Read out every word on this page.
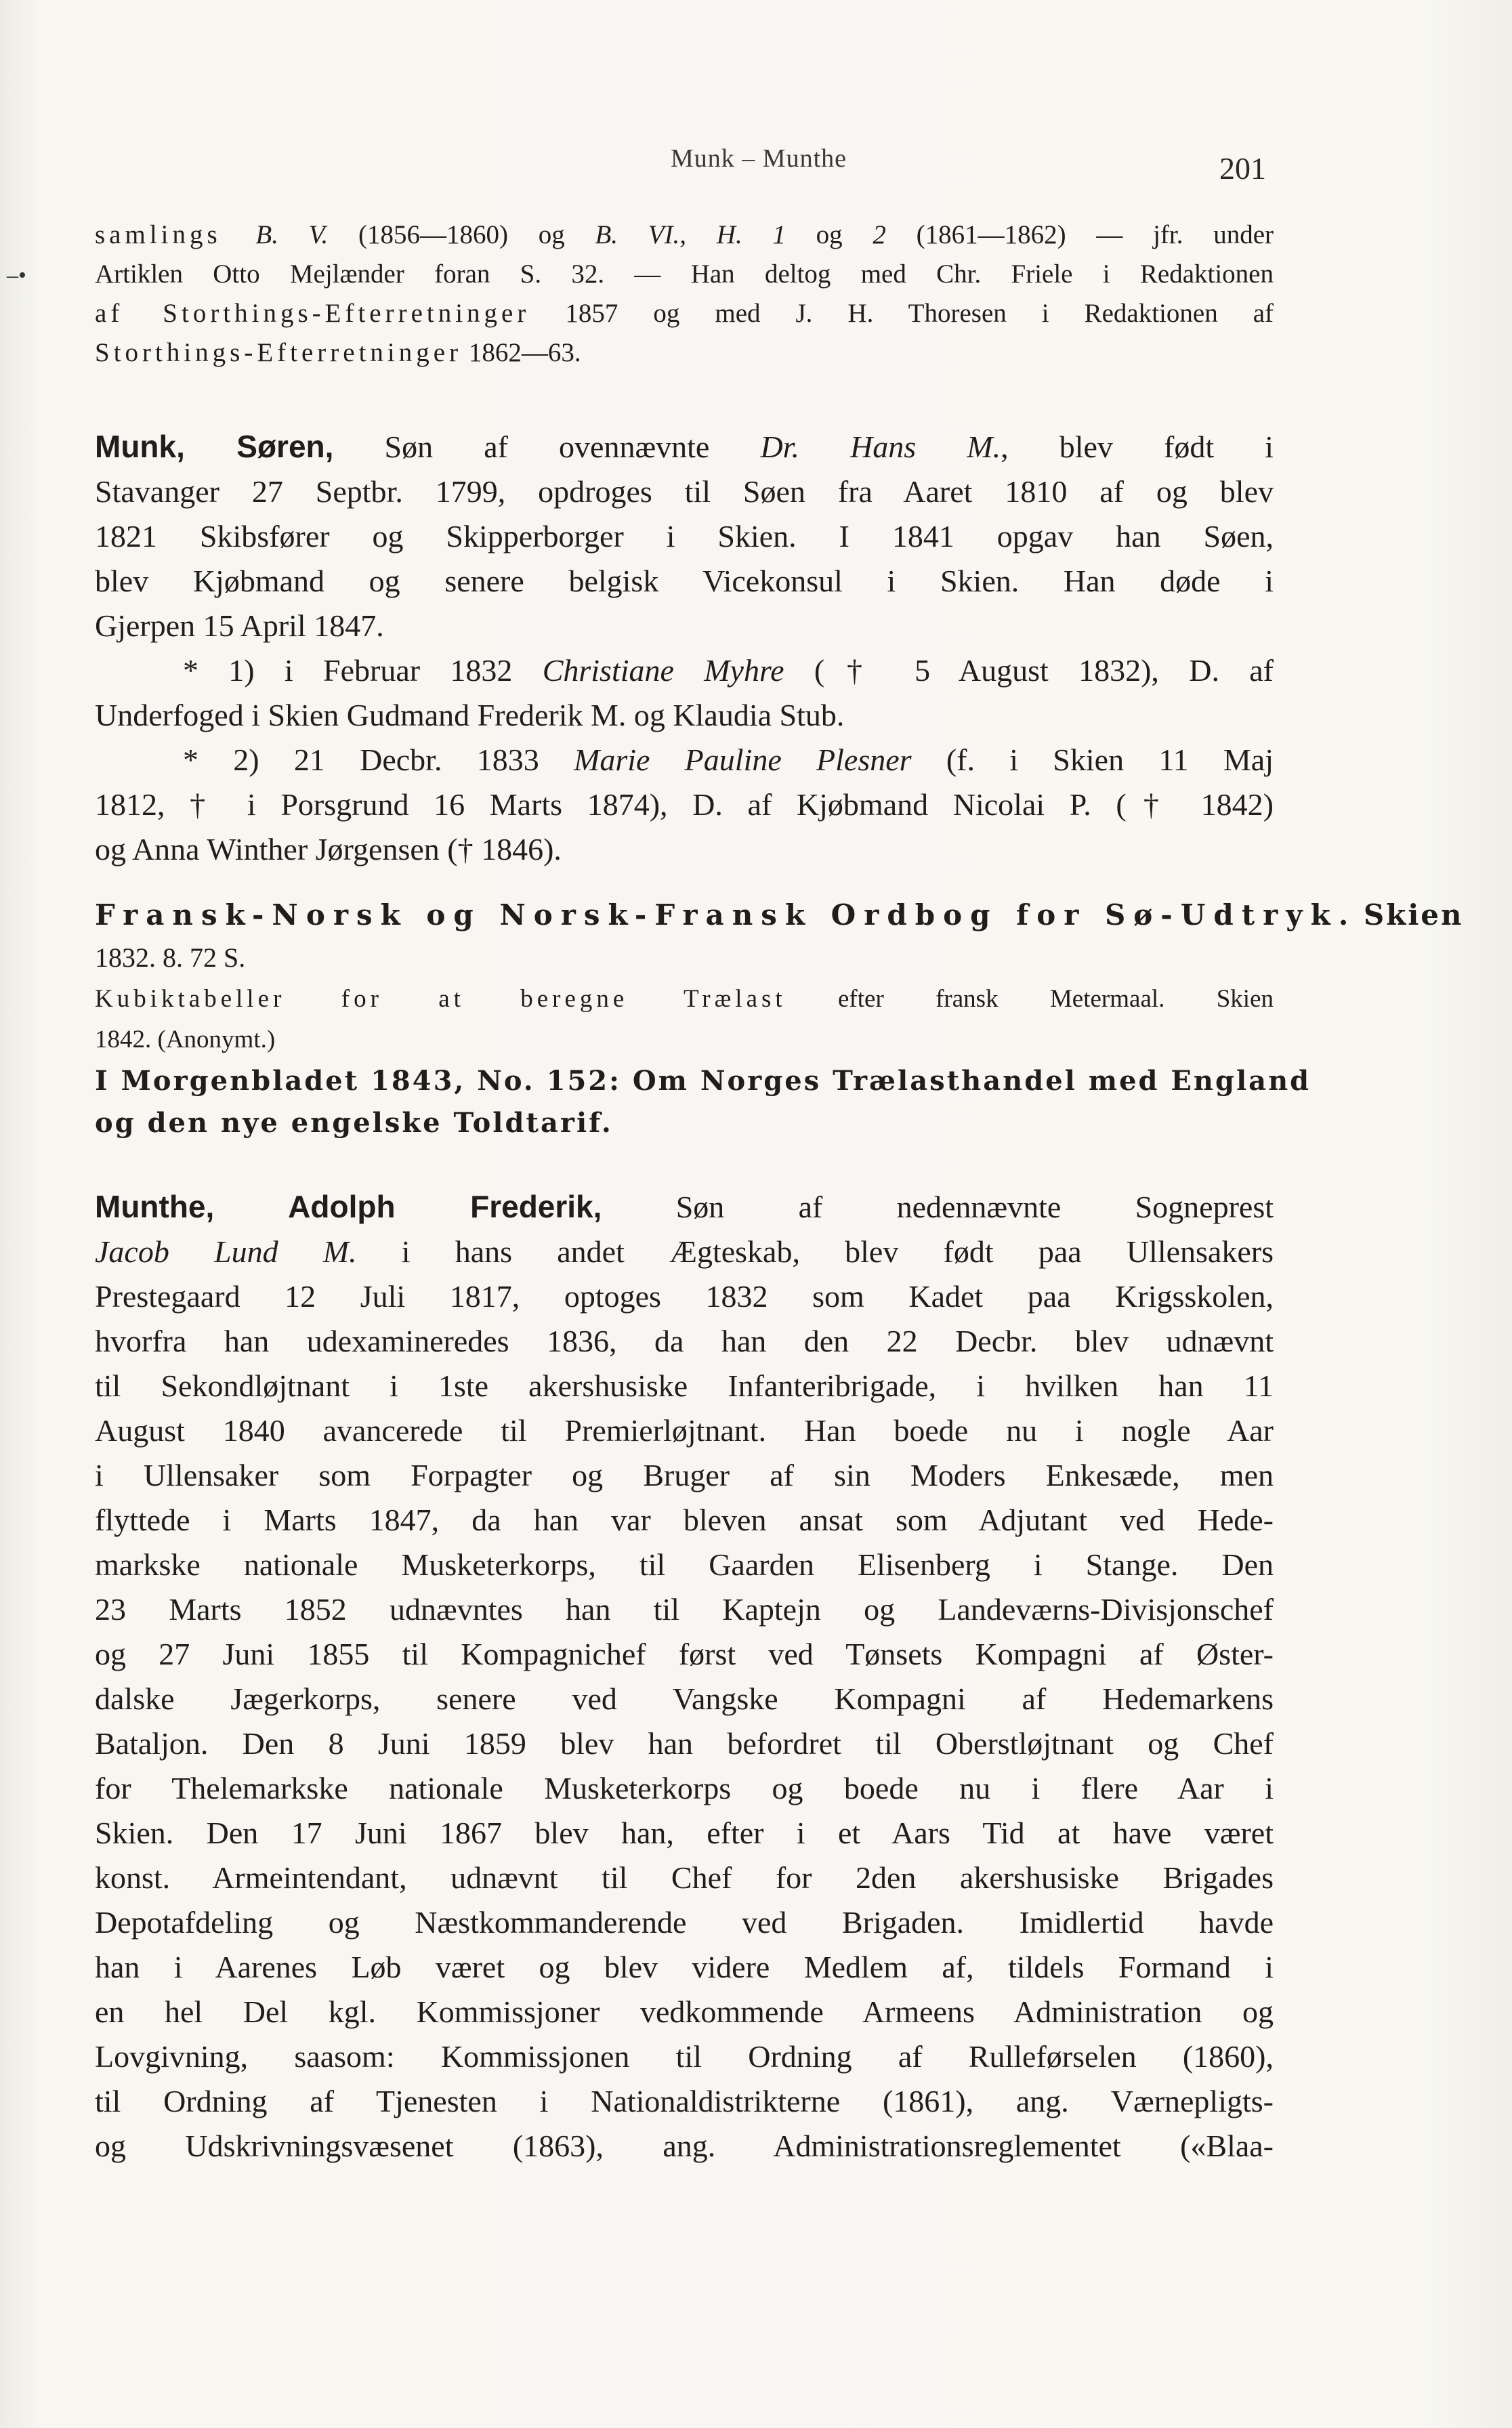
–•
Munk – Munthe	201
samlings B. V. (1856—1860) og B. VI., H. 1 og 2 (1861—1862) — jfr. under
Artiklen Otto Mejlænder foran S. 32. — Han deltog med Chr. Friele i Redaktionen
af Storthings-Efterretninger 1857 og med J. H. Thoresen i Redaktionen af
Storthings-Efterretninger 1862—63.
Munk, Søren, Søn af ovennævnte Dr. Hans M., blev født i
Stavanger 27 Septbr. 1799, opdroges til Søen fra Aaret 1810 af og blev
1821 Skibsfører og Skipperborger i Skien. I 1841 opgav han Søen,
blev Kjøbmand og senere belgisk Vicekonsul i Skien. Han døde i
Gjerpen 15 April 1847.
* 1) i Februar 1832 Christiane Myhre († 5 August 1832), D. af
Underfoged i Skien Gudmand Frederik M. og Klaudia Stub.
* 2) 21 Decbr. 1833 Marie Pauline Plesner (f. i Skien 11 Maj
1812, † i Porsgrund 16 Marts 1874), D. af Kjøbmand Nicolai P. († 1842)
og Anna Winther Jørgensen († 1846).
Fransk-Norsk og Norsk-Fransk Ordbog for Sø-Udtryk. Skien
1832. 8. 72 S.
Kubiktabeller for at beregne Trælast efter fransk Metermaal. Skien
1842. (Anonymt.)
I Morgenbladet 1843, No. 152: Om Norges Trælasthandel med England
og den nye engelske Toldtarif.
Munthe, Adolph Frederik, Søn af nedennævnte Sogneprest
Jacob Lund M. i hans andet Ægteskab, blev født paa Ullensakers
Prestegaard 12 Juli 1817, optoges 1832 som Kadet paa Krigsskolen,
hvorfra han udexamineredes 1836, da han den 22 Decbr. blev udnævnt
til Sekondløjtnant i 1ste akershusiske Infanteribrigade, i hvilken han 11
August 1840 avancerede til Premierløjtnant. Han boede nu i nogle Aar
i Ullensaker som Forpagter og Bruger af sin Moders Enkesæde, men
flyttede i Marts 1847, da han var bleven ansat som Adjutant ved Hede-
markske nationale Musketerkorps, til Gaarden Elisenberg i Stange. Den
23 Marts 1852 udnævntes han til Kaptejn og Landeværns-Divisjonschef
og 27 Juni 1855 til Kompagnichef først ved Tønsets Kompagni af Øster-
dalske Jægerkorps, senere ved Vangske Kompagni af Hedemarkens
Bataljon. Den 8 Juni 1859 blev han befordret til Oberstløjtnant og Chef
for Thelemarkske nationale Musketerkorps og boede nu i flere Aar i
Skien. Den 17 Juni 1867 blev han, efter i et Aars Tid at have været
konst. Armeintendant, udnævnt til Chef for 2den akershusiske Brigades
Depotafdeling og Næstkommanderende ved Brigaden. Imidlertid havde
han i Aarenes Løb været og blev videre Medlem af, tildels Formand i
en hel Del kgl. Kommissjoner vedkommende Armeens Administration og
Lovgivning, saasom: Kommissjonen til Ordning af Rulleførselen (1860),
til Ordning af Tjenesten i Nationaldistrikterne (1861), ang. Værnepligts-
og Udskrivningsvæsenet (1863), ang. Administrationsreglementet («Blaa-
